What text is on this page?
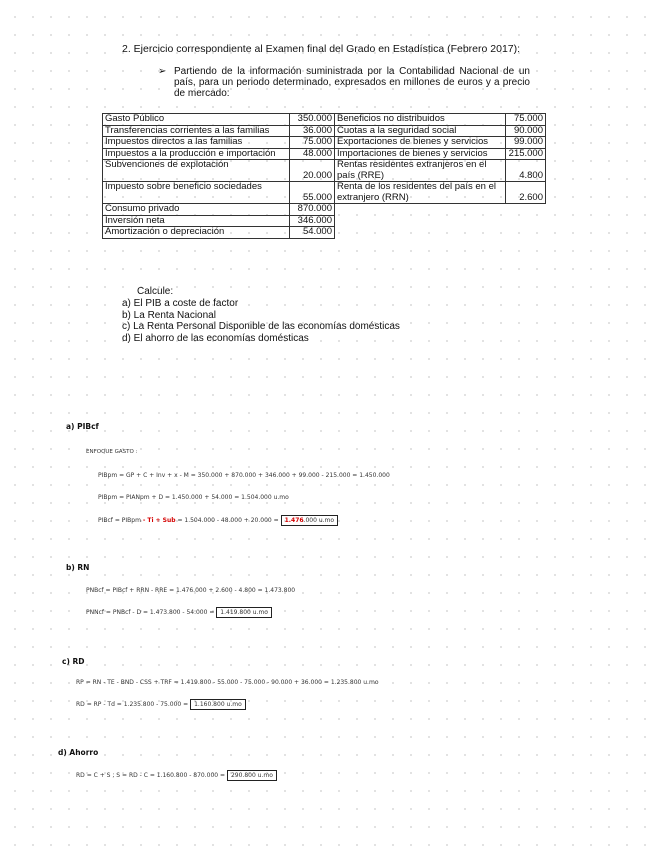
2. Ejercicio correspondiente al Examen final del Grado en Estadística (Febrero 2017):
➢ Partiendo de la información suministrada por la Contabilidad Nacional de un país, para un periodo determinado, expresados en millones de euros y a precio de mercado:
Gasto Público	350.000	Beneficios no distribuidos	75.000
Transferencias corrientes a las familias	36.000	Cuotas a la seguridad social	90.000
Impuestos directos a las familias	75.000	Exportaciones de bienes y servicios	99.000
Impuestos a la producción e importación	48.000	Importaciones de bienes y servicios	215.000
Subvenciones de explotación	20.000	Rentas residentes extranjeros en el país (RRE)	4.800
Impuesto sobre beneficio sociedades	55.000	Renta de los residentes del país en el extranjero (RRN)	2.600
Consumo privado	870.000		
Inversión neta	346.000		
Amortización o depreciación	54.000		
Calcule:
a) El PIB a coste de factor
b) La Renta Nacional
c) La Renta Personal Disponible de las economías domésticas
d) El ahorro de las economías domésticas
a) PIBcf
ENFOQUE GASTO :
PIBpm = GP + C + Inv + x - M = 350.000 + 870.000 + 346.000 + 99.000 - 215.000 = 1.450.000
PIBpm = PIANpm + D = 1.450.000 + 54.000 = 1.504.000 u.mo
PIBcf = PIBpm - Ti + Sub = 1.504.000 - 48.000 + 20.000 = 1.476.000 u.mo
b) RN
PNBcf = PIBcf + RRN - RRE = 1.476.000 + 2.600 - 4.800 = 1.473.800
PNNcf = PNBcf - D = 1.473.800 - 54.000 = 1.419.800 u.mo
c) RD
RP = RN - TE - BND - CSS + TRF = 1.419.800 - 55.000 - 75.000 - 90.000 + 36.000 = 1.235.800 u.mo
RD = RP - Td = 1.235.800 - 75.000 = 1.160.800 u.mo
d) Ahorro
RD = C + S ; S = RD - C = 1.160.800 - 870.000 = 290.800 u.mo
